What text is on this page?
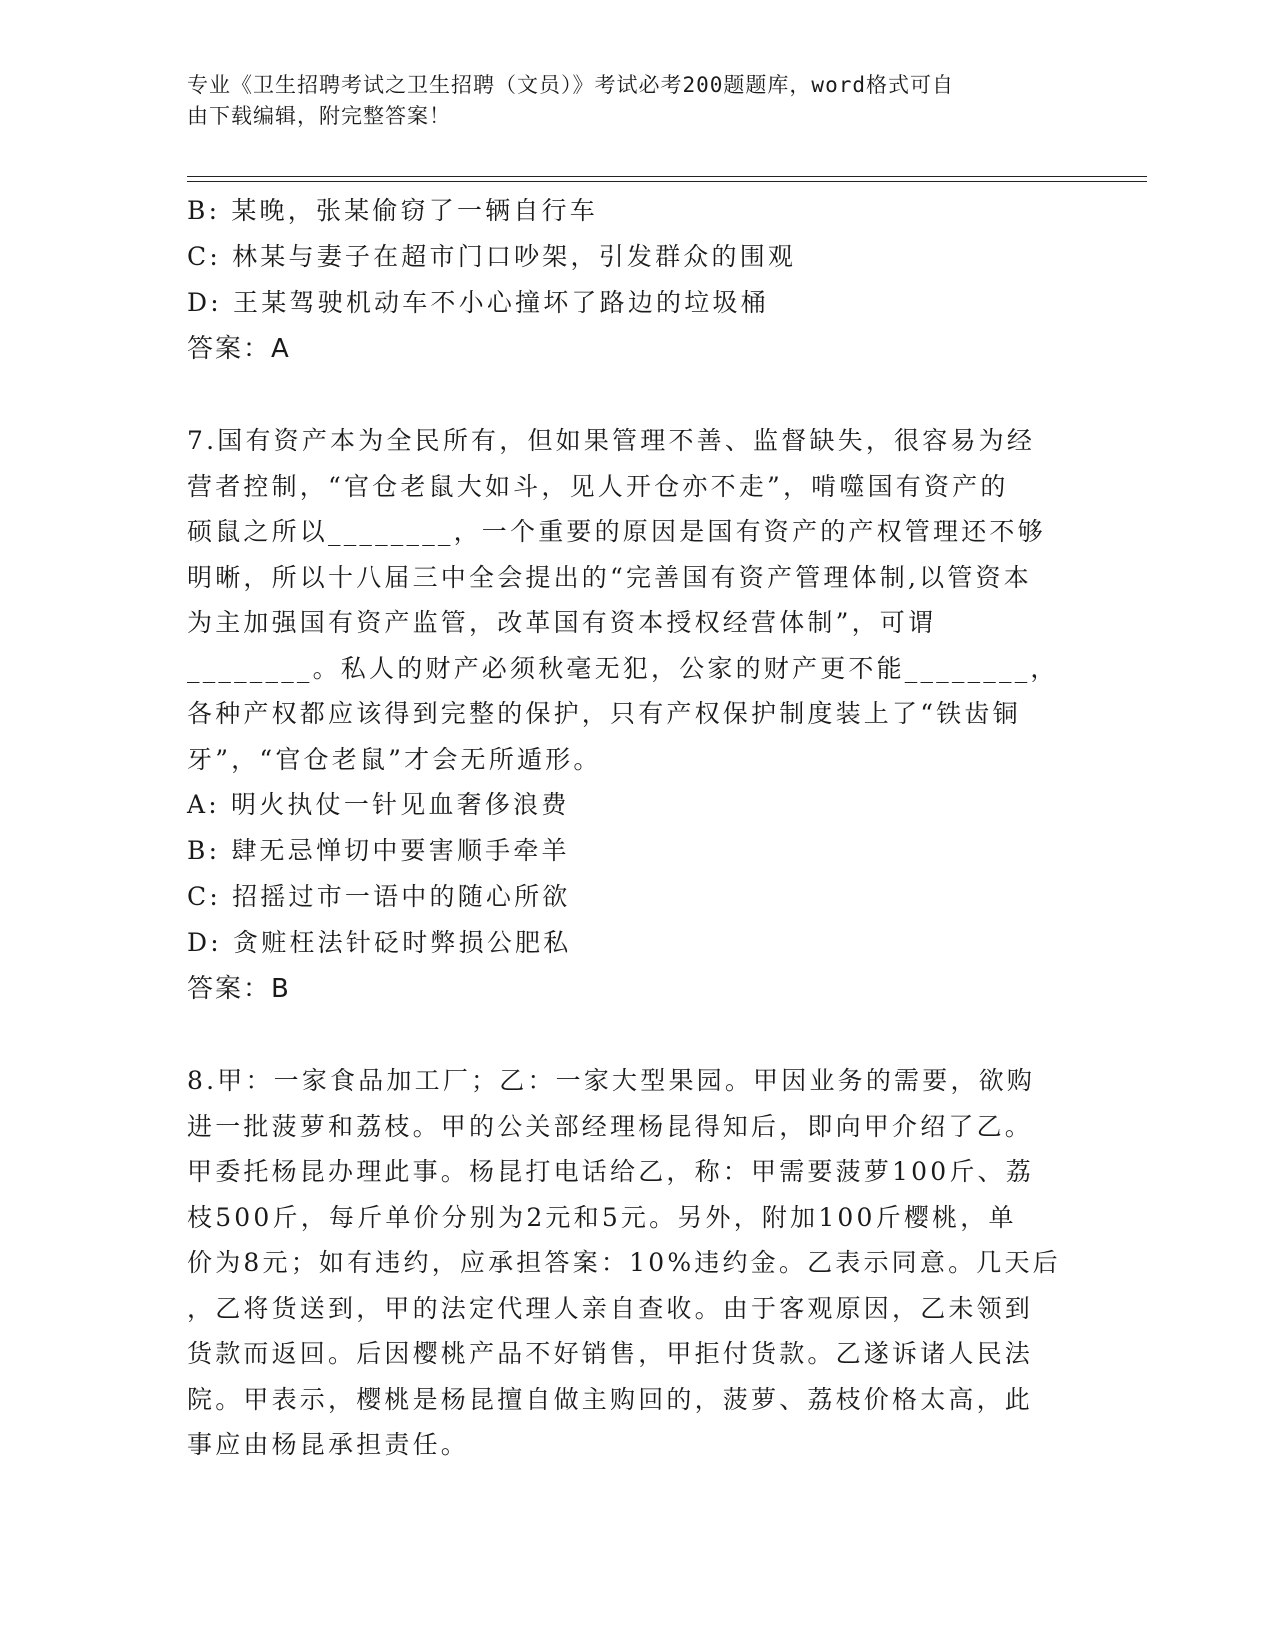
专业《卫生招聘考试之卫生招聘（文员）》考试必考200题题库，word格式可自
由下载编辑，附完整答案！
B: 某晚，张某偷窃了一辆自行车
C: 林某与妻子在超市门口吵架，引发群众的围观
D: 王某驾驶机动车不小心撞坏了路边的垃圾桶
答案：A
7.国有资产本为全民所有，但如果管理不善、监督缺失，很容易为经
营者控制，“官仓老鼠大如斗，见人开仓亦不走”，啃噬国有资产的
硕鼠之所以________，一个重要的原因是国有资产的产权管理还不够
明晰，所以十八届三中全会提出的“完善国有资产管理体制,以管资本
为主加强国有资产监管，改革国有资本授权经营体制”，可谓
________。私人的财产必须秋毫无犯，公家的财产更不能________，
各种产权都应该得到完整的保护，只有产权保护制度装上了“铁齿铜
牙”，“官仓老鼠”才会无所遁形。
A: 明火执仗一针见血奢侈浪费
B: 肆无忌惮切中要害顺手牵羊
C: 招摇过市一语中的随心所欲
D: 贪赃枉法针砭时弊损公肥私
答案：B
8.甲：一家食品加工厂；乙：一家大型果园。甲因业务的需要，欲购
进一批菠萝和荔枝。甲的公关部经理杨昆得知后，即向甲介绍了乙。
甲委托杨昆办理此事。杨昆打电话给乙，称：甲需要菠萝100斤、荔
枝500斤，每斤单价分别为2元和5元。另外，附加100斤樱桃，单
价为8元；如有违约，应承担答案：10%违约金。乙表示同意。几天后
，乙将货送到，甲的法定代理人亲自查收。由于客观原因，乙未领到
货款而返回。后因樱桃产品不好销售，甲拒付货款。乙遂诉诸人民法
院。甲表示，樱桃是杨昆擅自做主购回的，菠萝、荔枝价格太高，此
事应由杨昆承担责任。
